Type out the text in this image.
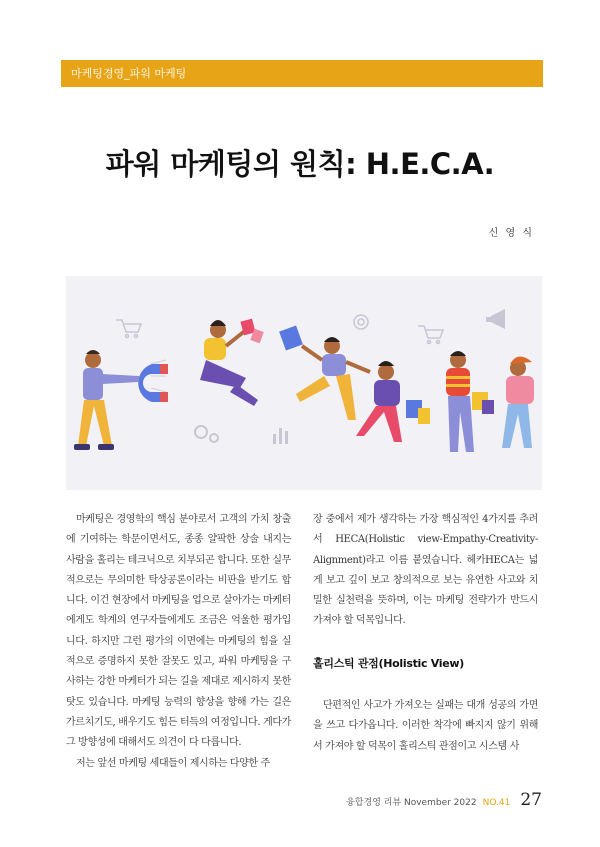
마케팅경영_파워 마케팅
파워 마케팅의 원칙: H.E.C.A.
신 영 식

마케팅은 경영학의 핵심 분야로서 고객의 가치 창출에 기여하는 학문이면서도, 종종 얄팍한 상술 내지는 사람을 홀리는 테크닉으로 치부되곤 합니다. 또한 실무적으로는 무의미한 탁상공론이라는 비판을 받기도 합니다. 이건 현장에서 마케팅을 업으로 살아가는 마케터에게도 학계의 연구자들에게도 조금은 억울한 평가입니다. 하지만 그런 평가의 이면에는 마케팅의 힘을 실적으로 증명하지 못한 잘못도 있고, 파워 마케팅을 구사하는 강한 마케터가 되는 길을 제대로 제시하지 못한 탓도 있습니다. 마케팅 능력의 향상을 향해 가는 길은 가르치기도, 배우기도 힘든 터득의 여정입니다. 게다가 그 방향성에 대해서도 의견이 다 다릅니다.

저는 앞선 마케팅 세대들이 제시하는 다양한 주

장 중에서 제가 생각하는 가장 핵심적인 4가지를 추려서 HECA(Holistic view-Empathy-Creativity-Alignment)라고 이름 붙였습니다. 헤카HECA는 넓게 보고 깊이 보고 창의적으로 보는 유연한 사고와 치밀한 실천력을 뜻하며, 이는 마케팅 전략가가 반드시 가져야 할 덕목입니다.

홀리스틱 관점(Holistic View)

단편적인 사고가 가져오는 실패는 대개 성공의 가면을 쓰고 다가옵니다. 이러한 착각에 빠지지 않기 위해서 가져야 할 덕목이 홀리스틱 관점이고 시스템 사

융합경영 리뷰 November 2022 NO.41 27
